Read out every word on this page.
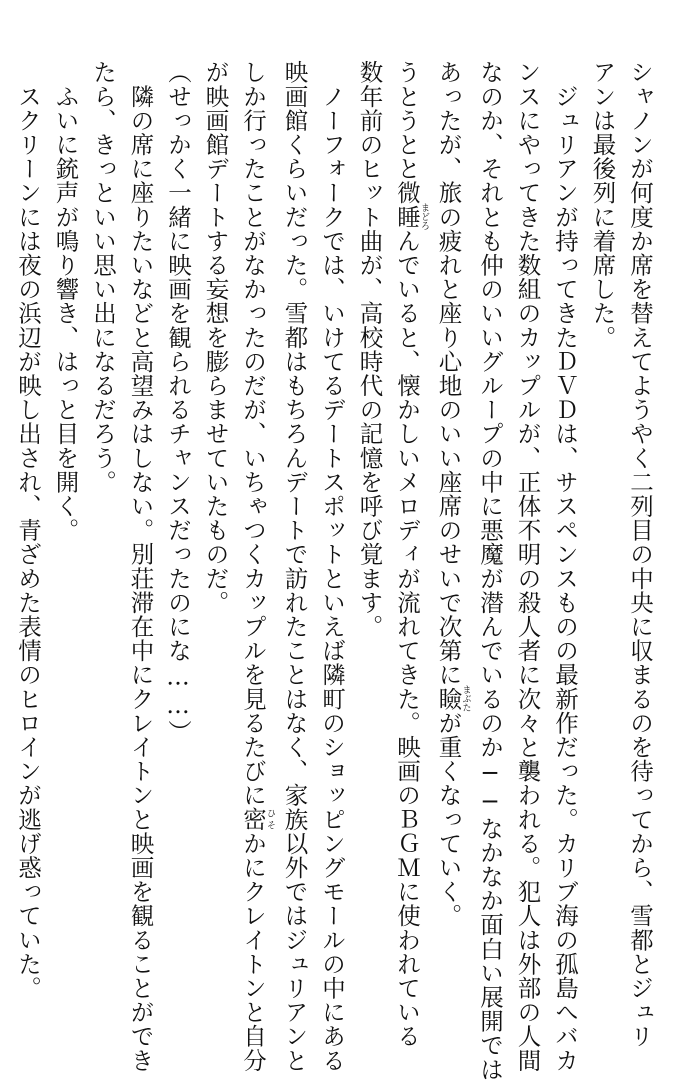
シャノンが何度か席を替えてようやく二列目の中央に収まるのを待ってから、雪都とジュリ

アンは最後列に着席した。

　ジュリアンが持ってきたＤＶＤは、サスペンスものの最新作だった。カリブ海の孤島へバカ

ンスにやってきた数組のカップルが、正体不明の殺人者に次々と襲われる。犯人は外部の人間

なのか、それとも仲のいいグループの中に悪魔が潜んでいるのか──なかなか面白い展開では

あったが、旅の疲れと座り心地のいい座席のせいで次第に瞼まぶたが重くなっていく。

うとうとと微睡まどろんでいると、懐かしいメロディが流れてきた。映画のＢＧＭに使われている

数年前のヒット曲が、高校時代の記憶を呼び覚ます。

　ノーフォークでは、いけてるデートスポットといえば隣町のショッピングモールの中にある

映画館くらいだった。雪都はもちろんデートで訪れたことはなく、家族以外ではジュリアンと

しか行ったことがなかったのだが、いちゃつくカップルを見るたびに密ひそかにクレイトンと自分

が映画館デートする妄想を膨らませていたものだ。

（せっかく一緒に映画を観られるチャンスだったのにな……）

　隣の席に座りたいなどと高望みはしない。別荘滞在中にクレイトンと映画を観ることができ

たら、きっといい思い出になるだろう。

　ふいに銃声が鳴り響き、はっと目を開く。

　スクリーンには夜の浜辺が映し出され、青ざめた表情のヒロインが逃げ惑っていた。
